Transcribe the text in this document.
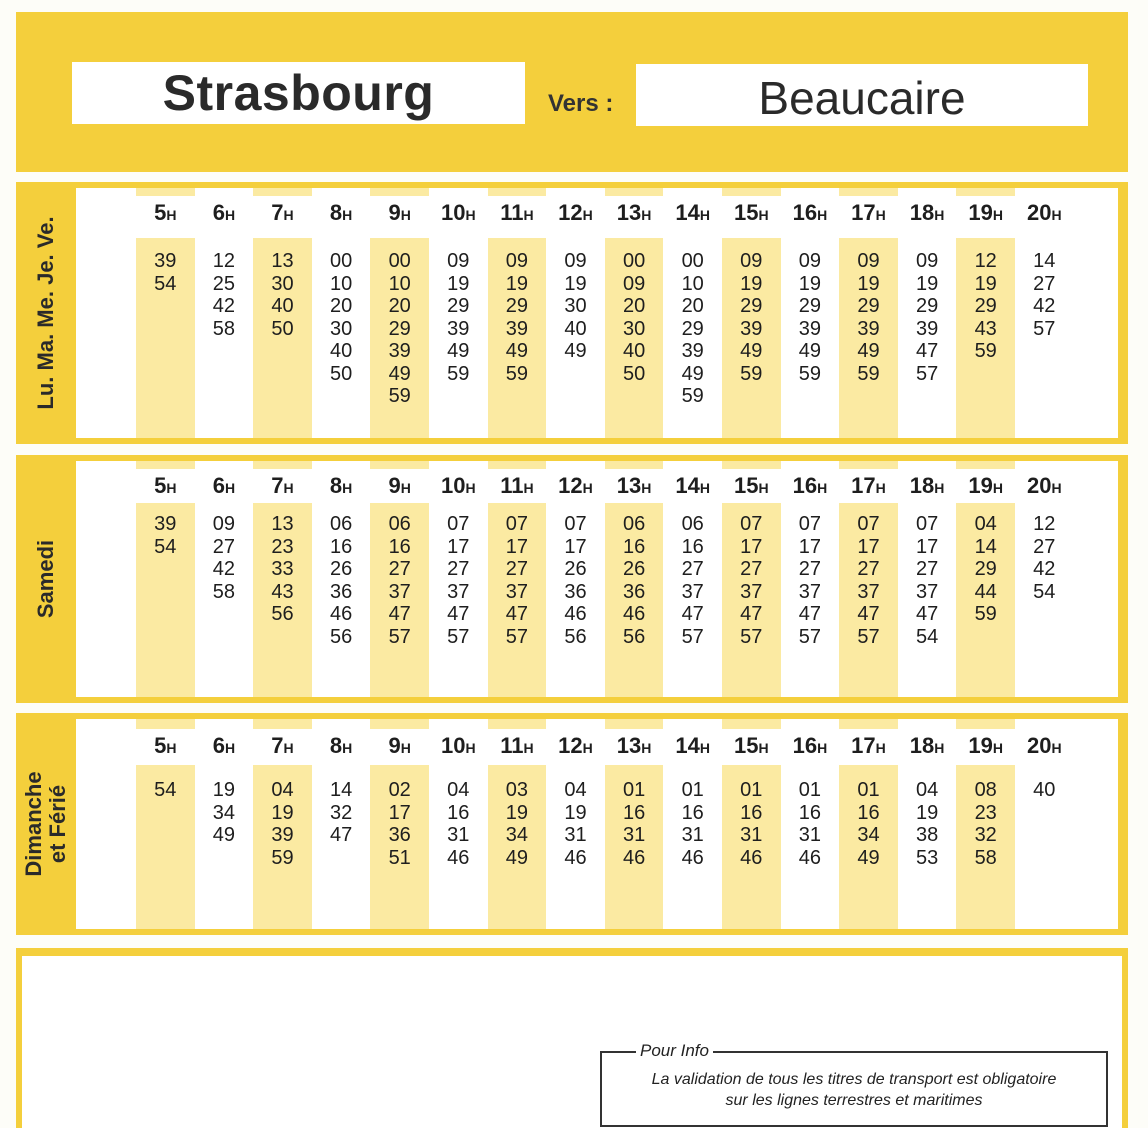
Strasbourg	Vers :	Beaucaire
Lu. Ma. Me. Je. Ve.
5H
39
54
6H
12
25
42
58
7H
13
30
40
50
8H
00
10
20
30
40
50
9H
00
10
20
29
39
49
59
10H
09
19
29
39
49
59
11H
09
19
29
39
49
59
12H
09
19
30
40
49
13H
00
09
20
30
40
50
14H
00
10
20
29
39
49
59
15H
09
19
29
39
49
59
16H
09
19
29
39
49
59
17H
09
19
29
39
49
59
18H
09
19
29
39
47
57
19H
12
19
29
43
59
20H
14
27
42
57
Samedi
5H
39
54
6H
09
27
42
58
7H
13
23
33
43
56
8H
06
16
26
36
46
56
9H
06
16
27
37
47
57
10H
07
17
27
37
47
57
11H
07
17
27
37
47
57
12H
07
17
26
36
46
56
13H
06
16
26
36
46
56
14H
06
16
27
37
47
57
15H
07
17
27
37
47
57
16H
07
17
27
37
47
57
17H
07
17
27
37
47
57
18H
07
17
27
37
47
54
19H
04
14
29
44
59
20H
12
27
42
54
Dimanche et Férié
5H
54
6H
19
34
49
7H
04
19
39
59
8H
14
32
47
9H
02
17
36
51
10H
04
16
31
46
11H
03
19
34
49
12H
04
19
31
46
13H
01
16
31
46
14H
01
16
31
46
15H
01
16
31
46
16H
01
16
31
46
17H
01
16
34
49
18H
04
19
38
53
19H
08
23
32
58
20H
40
Pour Info
La validation de tous les titres de transport est obligatoire
sur les lignes terrestres et maritimes
